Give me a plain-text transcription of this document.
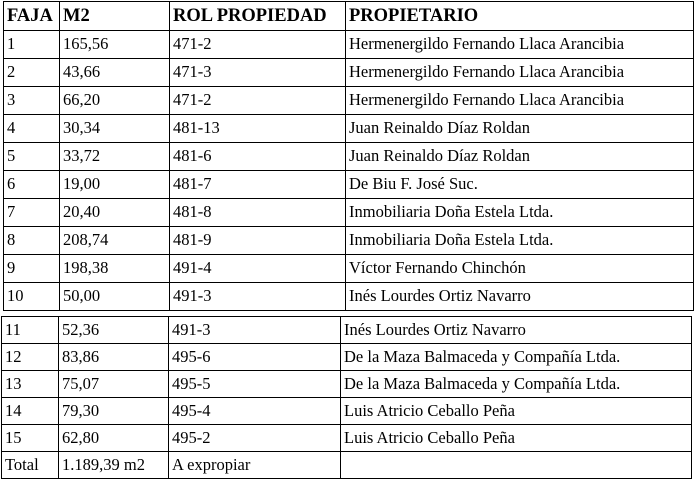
FAJA	M2	ROL PROPIEDAD	PROPIETARIO
1	165,56	471-2	Hermenergildo Fernando Llaca Arancibia
2	43,66	471-3	Hermenergildo Fernando Llaca Arancibia
3	66,20	471-2	Hermenergildo Fernando Llaca Arancibia
4	30,34	481-13	Juan Reinaldo Díaz Roldan
5	33,72	481-6	Juan Reinaldo Díaz Roldan
6	19,00	481-7	De Biu F. José Suc.
7	20,40	481-8	Inmobiliaria Doña Estela Ltda.
8	208,74	481-9	Inmobiliaria Doña Estela Ltda.
9	198,38	491-4	Víctor Fernando Chinchón
10	50,00	491-3	Inés Lourdes Ortiz Navarro
11	52,36	491-3	Inés Lourdes Ortiz Navarro
12	83,86	495-6	De la Maza Balmaceda y Compañía Ltda.
13	75,07	495-5	De la Maza Balmaceda y Compañía Ltda.
14	79,30	495-4	Luis Atricio Ceballo Peña
15	62,80	495-2	Luis Atricio Ceballo Peña
Total	1.189,39 m2	A expropiar	
